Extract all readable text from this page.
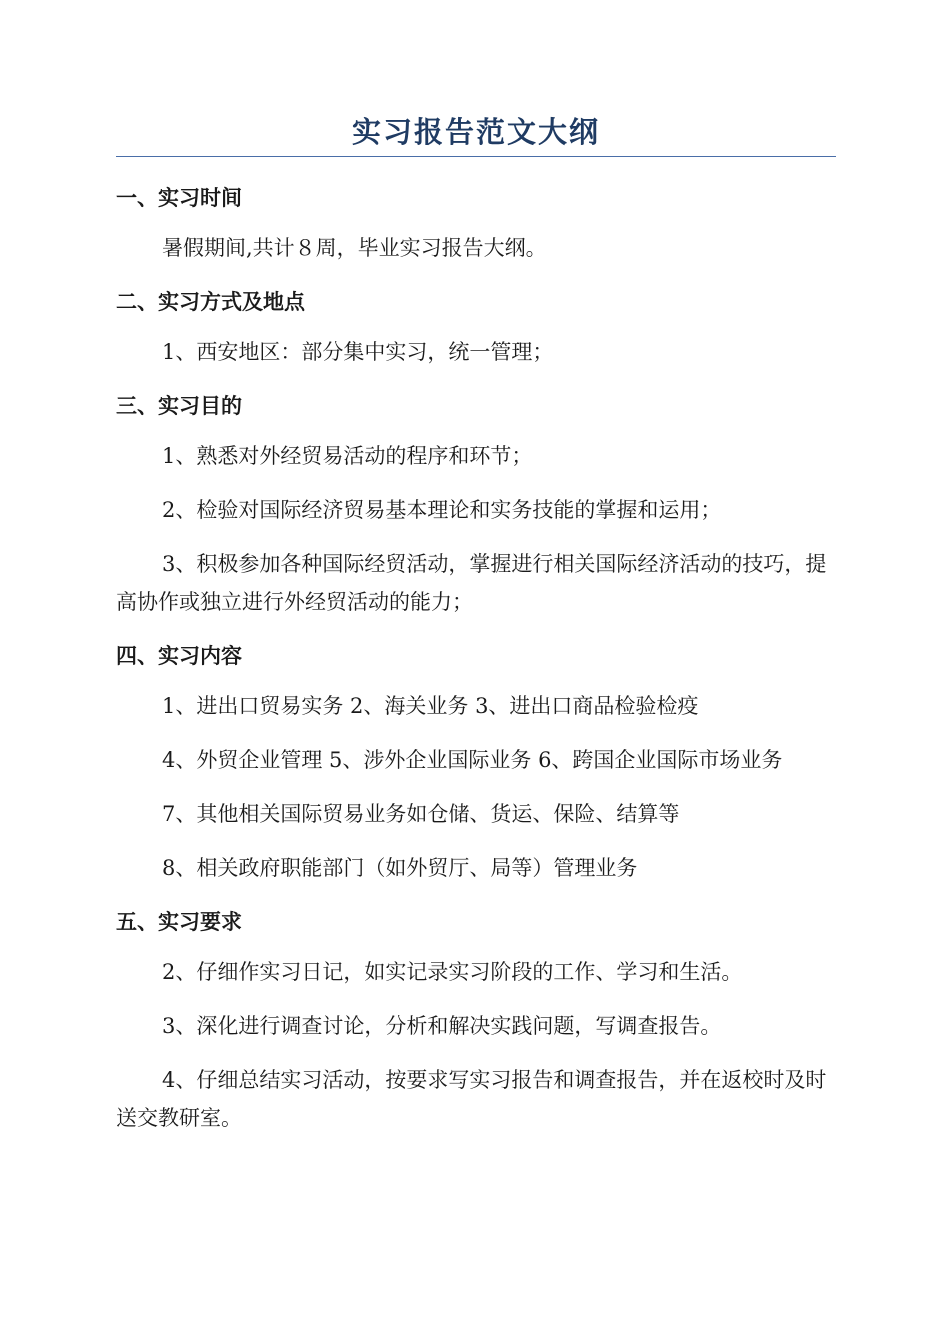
实习报告范文大纲
一、实习时间

暑假期间,共计８周，毕业实习报告大纲。

二、实习方式及地点

1、西安地区：部分集中实习，统一管理；

三、实习目的

1、熟悉对外经贸易活动的程序和环节；

2、检验对国际经济贸易基本理论和实务技能的掌握和运用；

3、积极参加各种国际经贸活动，掌握进行相关国际经济活动的技巧，提高协作或独立进行外经贸活动的能力；

四、实习内容

1、进出口贸易实务 2、海关业务 3、进出口商品检验检疫

4、外贸企业管理 5、涉外企业国际业务 6、跨国企业国际市场业务

7、其他相关国际贸易业务如仓储、货运、保险、结算等

8、相关政府职能部门（如外贸厅、局等）管理业务

五、实习要求

2、仔细作实习日记，如实记录实习阶段的工作、学习和生活。

3、深化进行调查讨论，分析和解决实践问题，写调查报告。

4、仔细总结实习活动，按要求写实习报告和调查报告，并在返校时及时送交教研室。
